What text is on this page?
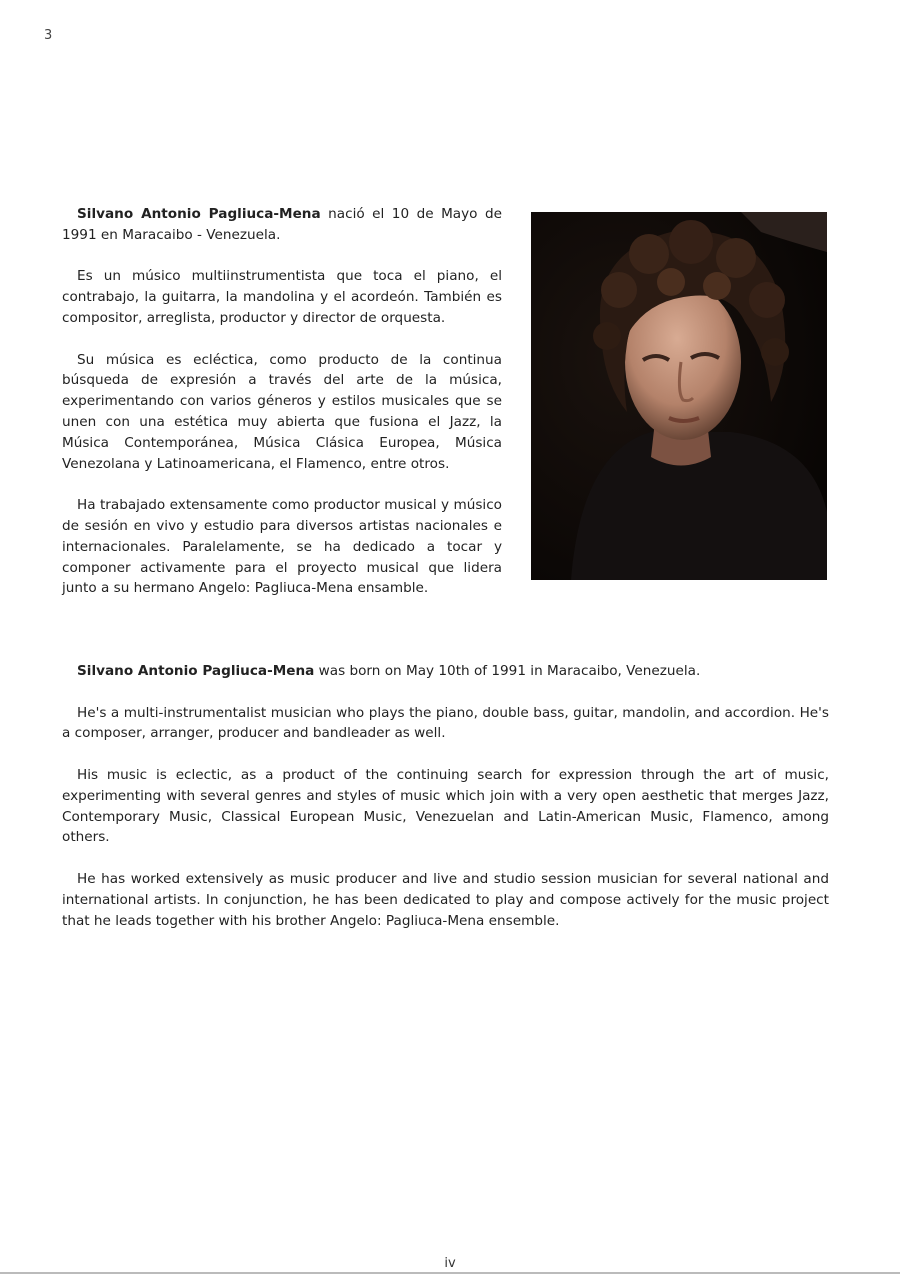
3

Silvano Antonio Pagliuca-Mena nació el 10 de Mayo de 1991 en Maracaibo - Venezuela.

Es un músico multiinstrumentista que toca el piano, el contrabajo, la guitarra, la mandolina y el acordeón. También es compositor, arreglista, productor y director de orquesta.

Su música es ecléctica, como producto de la continua búsqueda de expresión a través del arte de la música, experimentando con varios géneros y estilos musicales que se unen con una estética muy abierta que fusiona el Jazz, la Música Contemporánea, Música Clásica Europea, Música Venezolana y Latinoamericana, el Flamenco, entre otros.

Ha trabajado extensamente como productor musical y músico de sesión en vivo y estudio para diversos artistas nacionales e internacionales. Paralelamente, se ha dedicado a tocar y componer activamente para el proyecto musical que lidera junto a su hermano Angelo: Pagliuca-Mena ensamble.

Silvano Antonio Pagliuca-Mena was born on May 10th of 1991 in Maracaibo, Venezuela.

He's a multi-instrumentalist musician who plays the piano, double bass, guitar, mandolin, and accordion. He's a composer, arranger, producer and bandleader as well.

His music is eclectic, as a product of the continuing search for expression through the art of music, experimenting with several genres and styles of music which join with a very open aesthetic that merges Jazz, Contemporary Music, Classical European Music, Venezuelan and Latin-American Music, Flamenco, among others.

He has worked extensively as music producer and live and studio session musician for several national and international artists. In conjunction, he has been dedicated to play and compose actively for the music project that he leads together with his brother Angelo: Pagliuca-Mena ensemble.

iv
